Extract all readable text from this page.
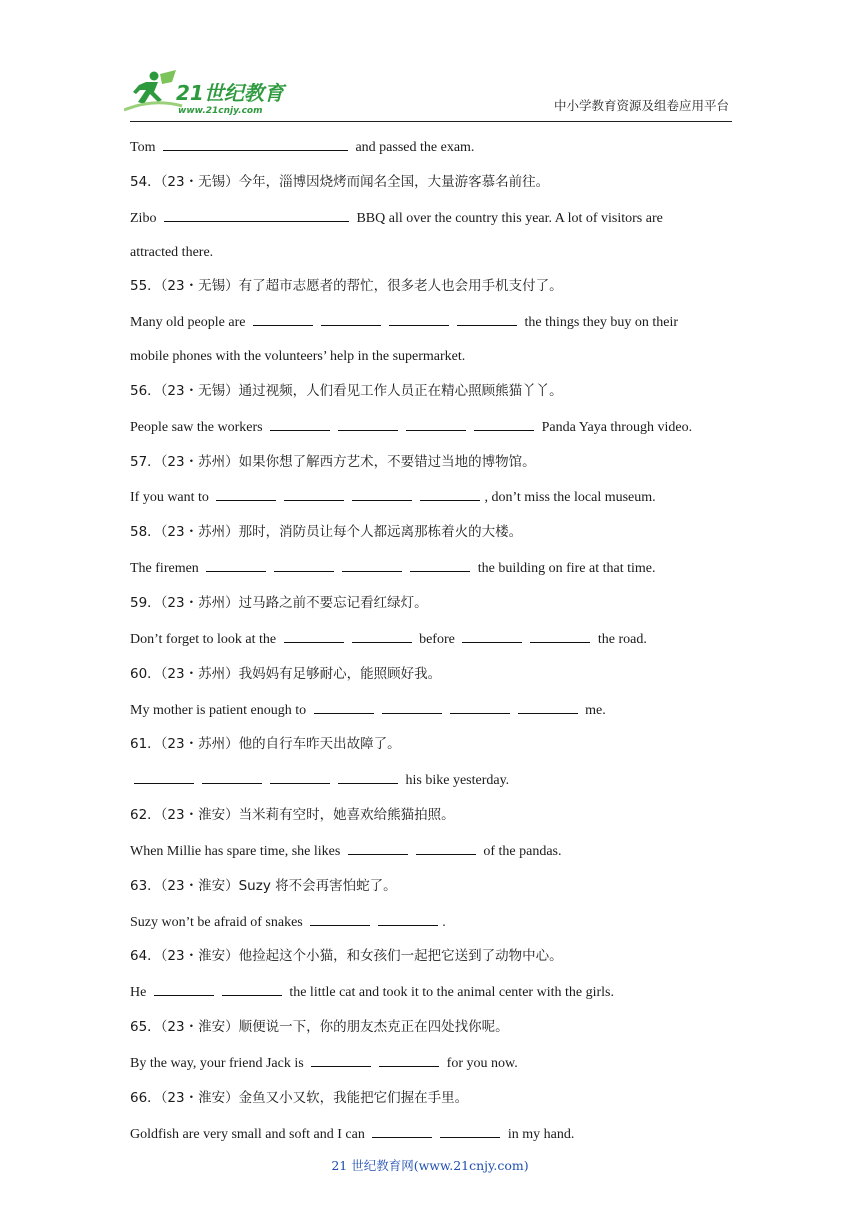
21世纪教育
www.21cnjy.com	中小学教育资源及组卷应用平台
Tom	and passed the exam.
54．（23・无锡）今年，淄博因烧烤而闻名全国，大量游客慕名前往。
Zibo	BBQ all over the country this year. A lot of visitors are
attracted there.
55．（23・无锡）有了超市志愿者的帮忙，很多老人也会用手机支付了。
Many old people are	the things they buy on their
mobile phones with the volunteers’ help in the supermarket.
56．（23・无锡）通过视频，人们看见工作人员正在精心照顾熊猫丫丫。
People saw the workers	Panda Yaya through video.
57．（23・苏州）如果你想了解西方艺术，不要错过当地的博物馆。
If you want to	, don’t miss the local museum.
58．（23・苏州）那时，消防员让每个人都远离那栋着火的大楼。
The firemen	the building on fire at that time.
59．（23・苏州）过马路之前不要忘记看红绿灯。
Don’t forget to look at the	before	the road.
60．（23・苏州）我妈妈有足够耐心，能照顾好我。
My mother is patient enough to	me.
61．（23・苏州）他的自行车昨天出故障了。
his bike yesterday.
62．（23・淮安）当米莉有空时，她喜欢给熊猫拍照。
When Millie has spare time, she likes	of the pandas.
63．（23・淮安）Suzy 将不会再害怕蛇了。
Suzy won’t be afraid of snakes	.
64．（23・淮安）他捡起这个小猫，和女孩们一起把它送到了动物中心。
He	the little cat and took it to the animal center with the girls.
65．（23・淮安）顺便说一下，你的朋友杰克正在四处找你呢。
By the way, your friend Jack is	for you now.
66．（23・淮安）金鱼又小又软，我能把它们握在手里。
Goldfish are very small and soft and I can	in my hand.
21 世纪教育网(www.21cnjy.com)
